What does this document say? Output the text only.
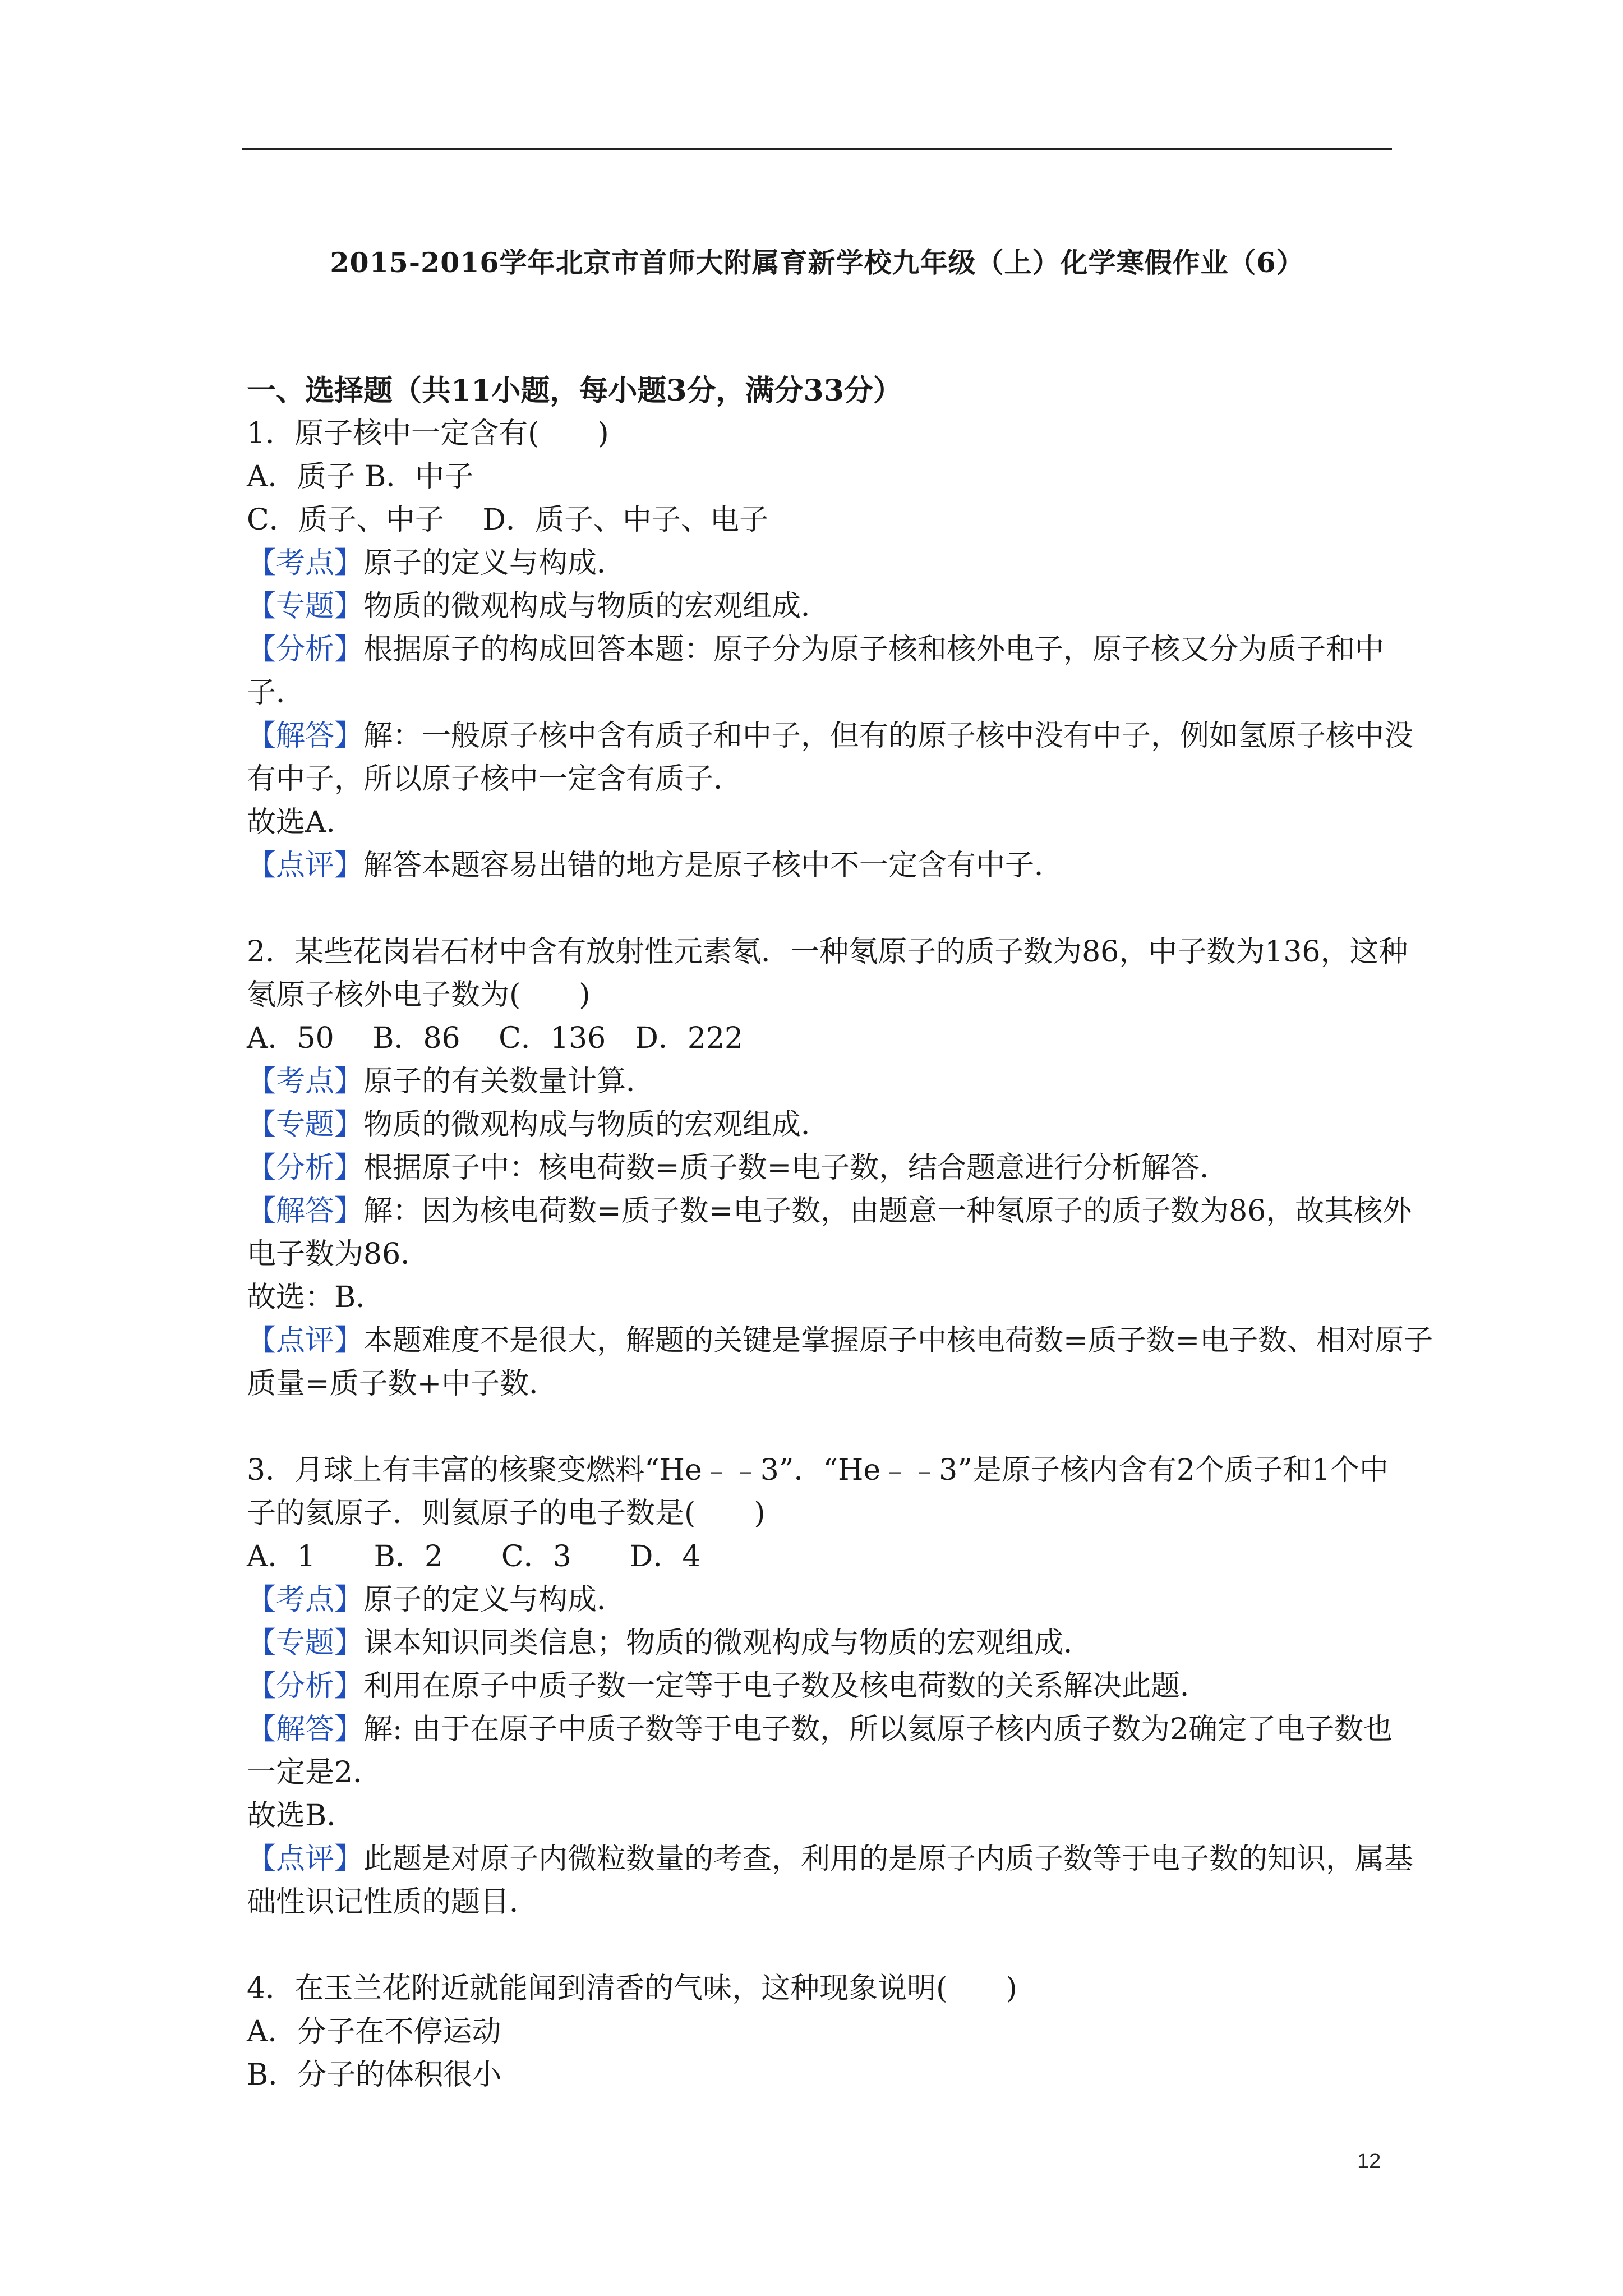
2015-2016学年北京市首师大附属育新学校九年级（上）化学寒假作业（6）
一、选择题（共11小题，每小题3分，满分33分）
1．原子核中一定含有(　　)
A．质子 B．中子
C．质子、中子　 D．质子、中子、电子
【考点】原子的定义与构成．
【专题】物质的微观构成与物质的宏观组成．
【分析】根据原子的构成回答本题：原子分为原子核和核外电子，原子核又分为质子和中
子．
【解答】解：一般原子核中含有质子和中子，但有的原子核中没有中子，例如氢原子核中没
有中子，所以原子核中一定含有质子．
故选A．
【点评】解答本题容易出错的地方是原子核中不一定含有中子．
2．某些花岗岩石材中含有放射性元素氡．一种氡原子的质子数为86，中子数为136，这种
氡原子核外电子数为(　　)
A．50　 B．86　 C．136　D．222
【考点】原子的有关数量计算．
【专题】物质的微观构成与物质的宏观组成．
【分析】根据原子中：核电荷数=质子数=电子数，结合题意进行分析解答．
【解答】解：因为核电荷数=质子数=电子数，由题意一种氡原子的质子数为86，故其核外
电子数为86．
故选：B．
【点评】本题难度不是很大，解题的关键是掌握原子中核电荷数=质子数=电子数、相对原子
质量=质子数+中子数．
3．月球上有丰富的核聚变燃料“He﹣﹣3”．“He﹣﹣3”是原子核内含有2个质子和1个中
子的氦原子．则氦原子的电子数是(　　)
A．1　　B．2　　C．3　　D．4
【考点】原子的定义与构成．
【专题】课本知识同类信息；物质的微观构成与物质的宏观组成．
【分析】利用在原子中质子数一定等于电子数及核电荷数的关系解决此题．
【解答】解: 由于在原子中质子数等于电子数，所以氦原子核内质子数为2确定了电子数也
一定是2．
故选B．
【点评】此题是对原子内微粒数量的考查，利用的是原子内质子数等于电子数的知识，属基
础性识记性质的题目．
4．在玉兰花附近就能闻到清香的气味，这种现象说明(　　)
A．分子在不停运动
B．分子的体积很小
12
